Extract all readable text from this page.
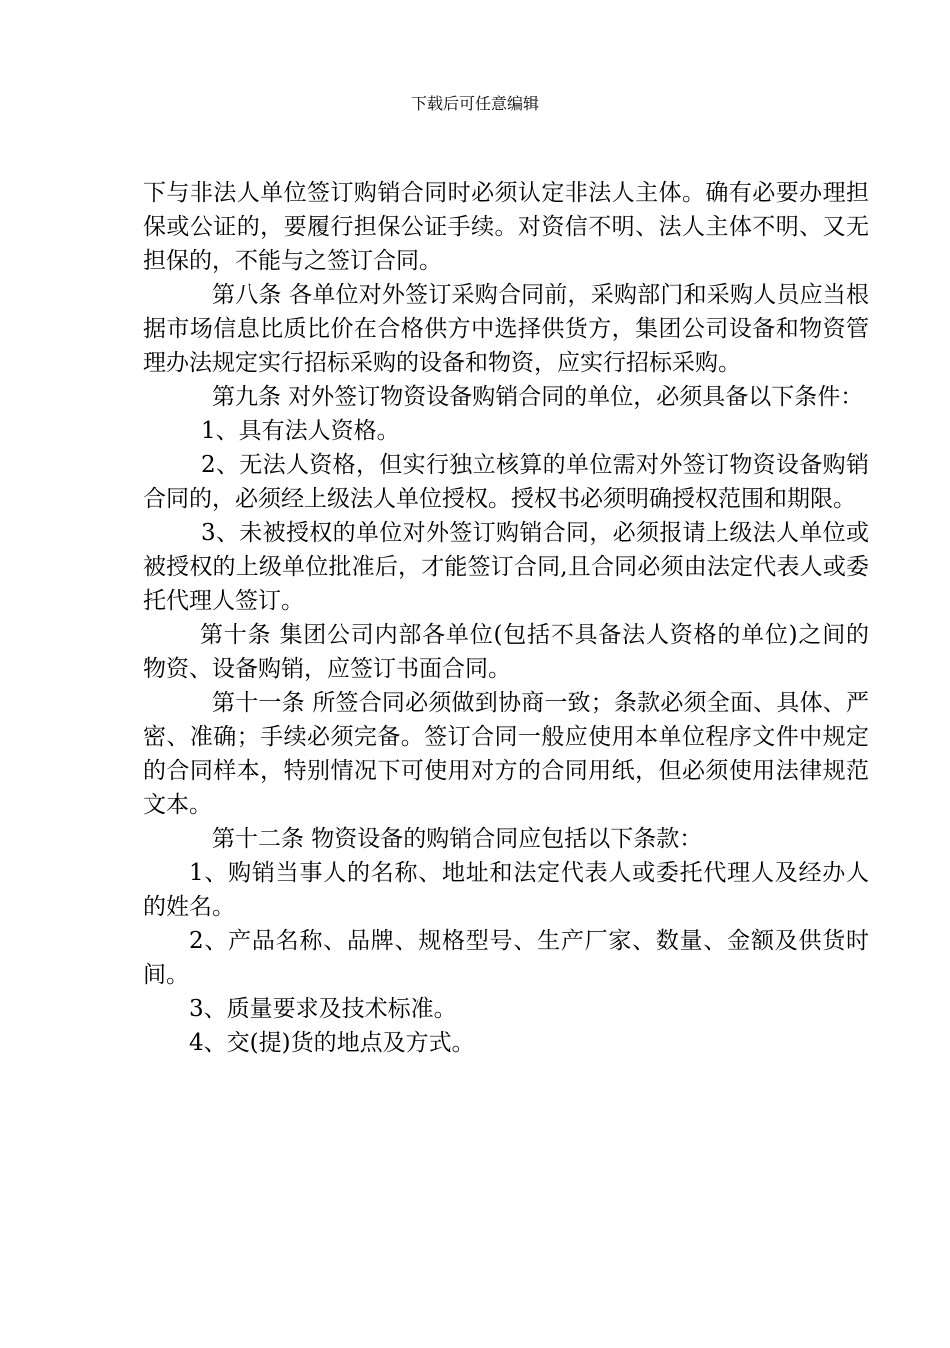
下载后可任意编辑

下与非法人单位签订购销合同时必须认定非法人主体。确有必要办理担保或公证的，要履行担保公证手续。对资信不明、法人主体不明、又无担保的，不能与之签订合同。

第八条 各单位对外签订采购合同前，采购部门和采购人员应当根据市场信息比质比价在合格供方中选择供货方，集团公司设备和物资管理办法规定实行招标采购的设备和物资，应实行招标采购。

第九条 对外签订物资设备购销合同的单位，必须具备以下条件：

1、具有法人资格。

2、无法人资格，但实行独立核算的单位需对外签订物资设备购销合同的，必须经上级法人单位授权。授权书必须明确授权范围和期限。

3、未被授权的单位对外签订购销合同，必须报请上级法人单位或被授权的上级单位批准后，才能签订合同,且合同必须由法定代表人或委托代理人签订。

第十条 集团公司内部各单位(包括不具备法人资格的单位)之间的物资、设备购销，应签订书面合同。

第十一条 所签合同必须做到协商一致；条款必须全面、具体、严密、准确；手续必须完备。签订合同一般应使用本单位程序文件中规定的合同样本，特别情况下可使用对方的合同用纸，但必须使用法律规范文本。

第十二条 物资设备的购销合同应包括以下条款：

1、购销当事人的名称、地址和法定代表人或委托代理人及经办人的姓名。

2、产品名称、品牌、规格型号、生产厂家、数量、金额及供货时间。

3、质量要求及技术标准。

4、交(提)货的地点及方式。
